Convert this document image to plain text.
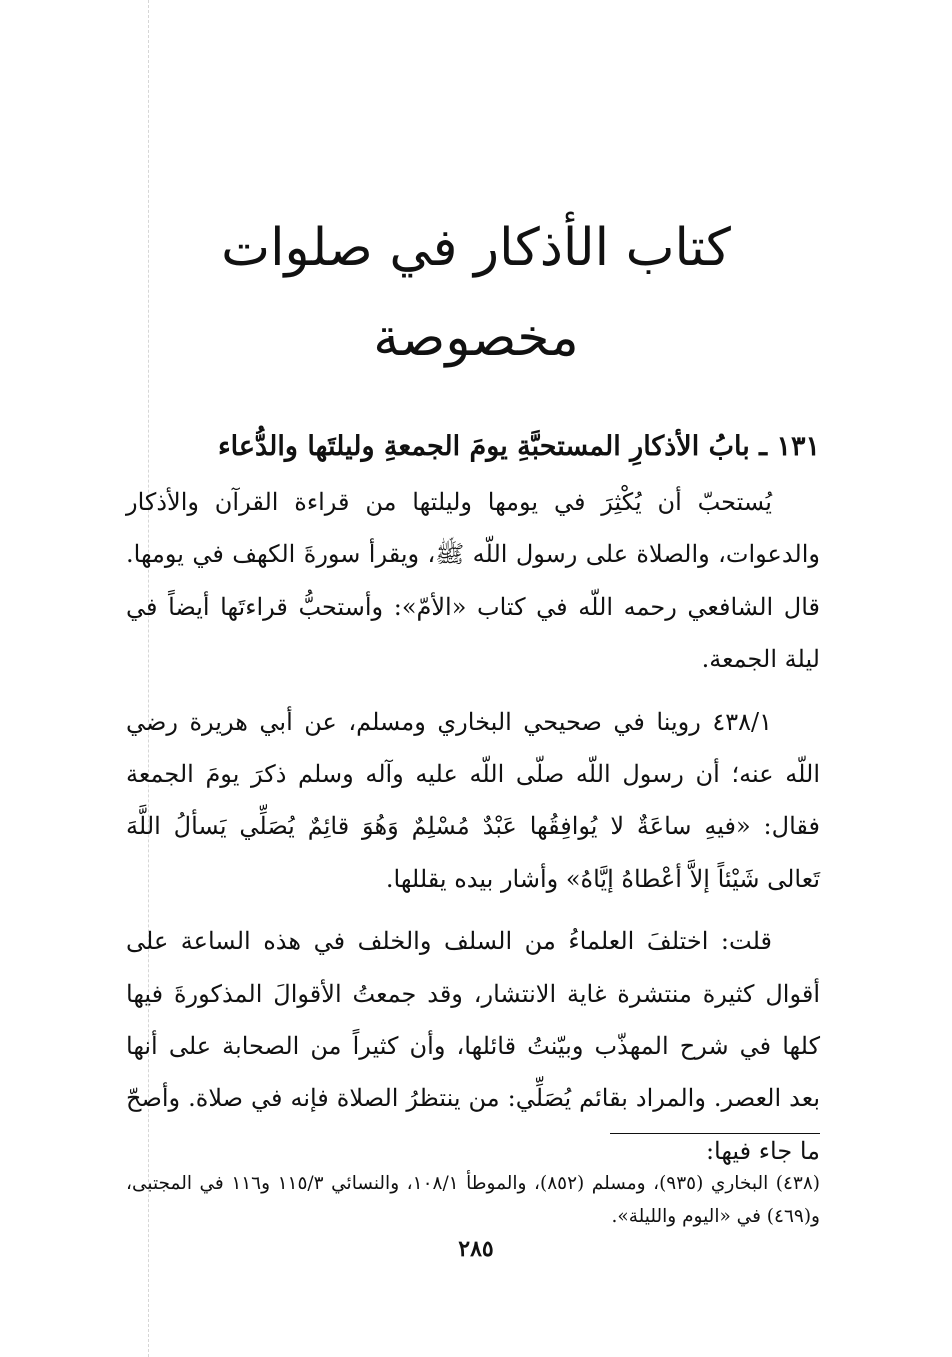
كتاب الأذكار في صلوات مخصوصة
١٣١ ـ بابُ الأذكارِ المستحبَّةِ يومَ الجمعةِ وليلتَها والدُّعاء

يُستحبّ أن يُكْثِرَ في يومها وليلتها من قراءة القرآن والأذكار والدعوات، والصلاة على رسول اللّه ﷺ، ويقرأ سورةَ الكهف في يومها. قال الشافعي رحمه اللّه في كتاب «الأمّ»: وأستحبُّ قراءتَها أيضاً في ليلة الجمعة.

٤٣٨/١ روينا في صحيحي البخاري ومسلم، عن أبي هريرة رضي اللّه عنه؛ أن رسول اللّه صلّى اللّه عليه وآله وسلم ذكرَ يومَ الجمعة فقال: «فيهِ ساعَةٌ لا يُوافِقُها عَبْدٌ مُسْلِمٌ وَهُوَ قائِمٌ يُصَلِّي يَسألُ اللَّهَ تَعالى شَيْئاً إلاَّ أعْطاهُ إيَّاهُ» وأشار بيده يقللها.

قلت: اختلفَ العلماءُ من السلف والخلف في هذه الساعة على أقوال كثيرة منتشرة غاية الانتشار، وقد جمعتُ الأقوالَ المذكورةَ فيها كلها في شرح المهذّب وبيّنتُ قائلها، وأن كثيراً من الصحابة على أنها بعد العصر. والمراد بقائم يُصَلِّي: من ينتظرُ الصلاة فإنه في صلاة. وأصحّ ما جاء فيها:

(٤٣٨) البخاري (٩٣٥)، ومسلم (٨٥٢)، والموطأ ١٠٨/١، والنسائي ١١٥/٣ و١١٦ في المجتبى، و(٤٦٩) في «اليوم والليلة».

٢٨٥
